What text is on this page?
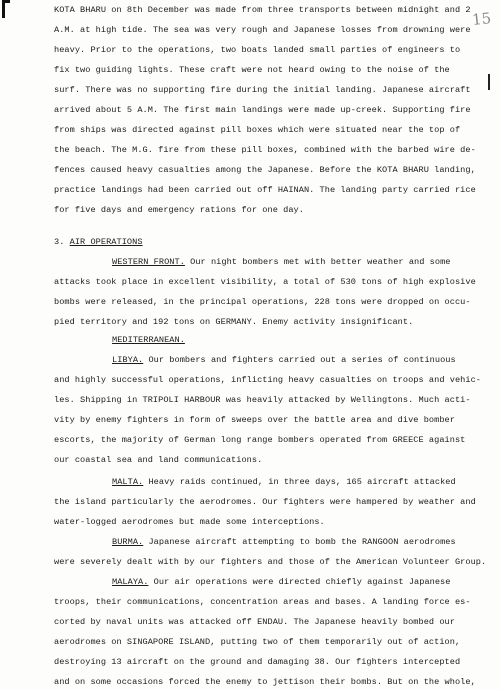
15
KOTA BHARU on 8th December was made from three transports between midnight and 2
A.M. at high tide. The sea was very rough and Japanese losses from drowning were
heavy. Prior to the operations, two boats landed small parties of engineers to
fix two guiding lights. These craft were not heard owing to the noise of the
surf. There was no supporting fire during the initial landing. Japanese aircraft
arrived about 5 A.M. The first main landings were made up-creek. Supporting fire
from ships was directed against pill boxes which were situated near the top of
the beach. The M.G. fire from these pill boxes, combined with the barbed wire de-
fences caused heavy casualties among the Japanese. Before the KOTA BHARU landing,
practice landings had been carried out off HAINAN. The landing party carried rice
for five days and emergency rations for one day.
3. AIR OPERATIONS
WESTERN FRONT. Our night bombers met with better weather and some
attacks took place in excellent visibility, a total of 530 tons of high explosive
bombs were released, in the principal operations, 228 tons were dropped on occu-
pied territory and 192 tons on GERMANY. Enemy activity insignificant.
MEDITERRANEAN.
LIBYA. Our bombers and fighters carried out a series of continuous
and highly successful operations, inflicting heavy casualties on troops and vehic-
les. Shipping in TRIPOLI HARBOUR was heavily attacked by Wellingtons. Much acti-
vity by enemy fighters in form of sweeps over the battle area and dive bomber
escorts, the majority of German long range bombers operated from GREECE against
our coastal sea and land communications.
MALTA. Heavy raids continued, in three days, 165 aircraft attacked
the island particularly the aerodromes. Our fighters were hampered by weather and
water-logged aerodromes but made some interceptions.
BURMA. Japanese aircraft attempting to bomb the RANGOON aerodromes
were severely dealt with by our fighters and those of the American Volunteer Group.
MALAYA. Our air operations were directed chiefly against Japanese
troops, their communications, concentration areas and bases. A landing force es-
corted by naval units was attacked off ENDAU. The Japanese heavily bombed our
aerodromes on SINGAPORE ISLAND, putting two of them temporarily out of action,
destroying 13 aircraft on the ground and damaging 38. Our fighters intercepted
and on some occasions forced the enemy to jettison their bombs. But on the whole,
